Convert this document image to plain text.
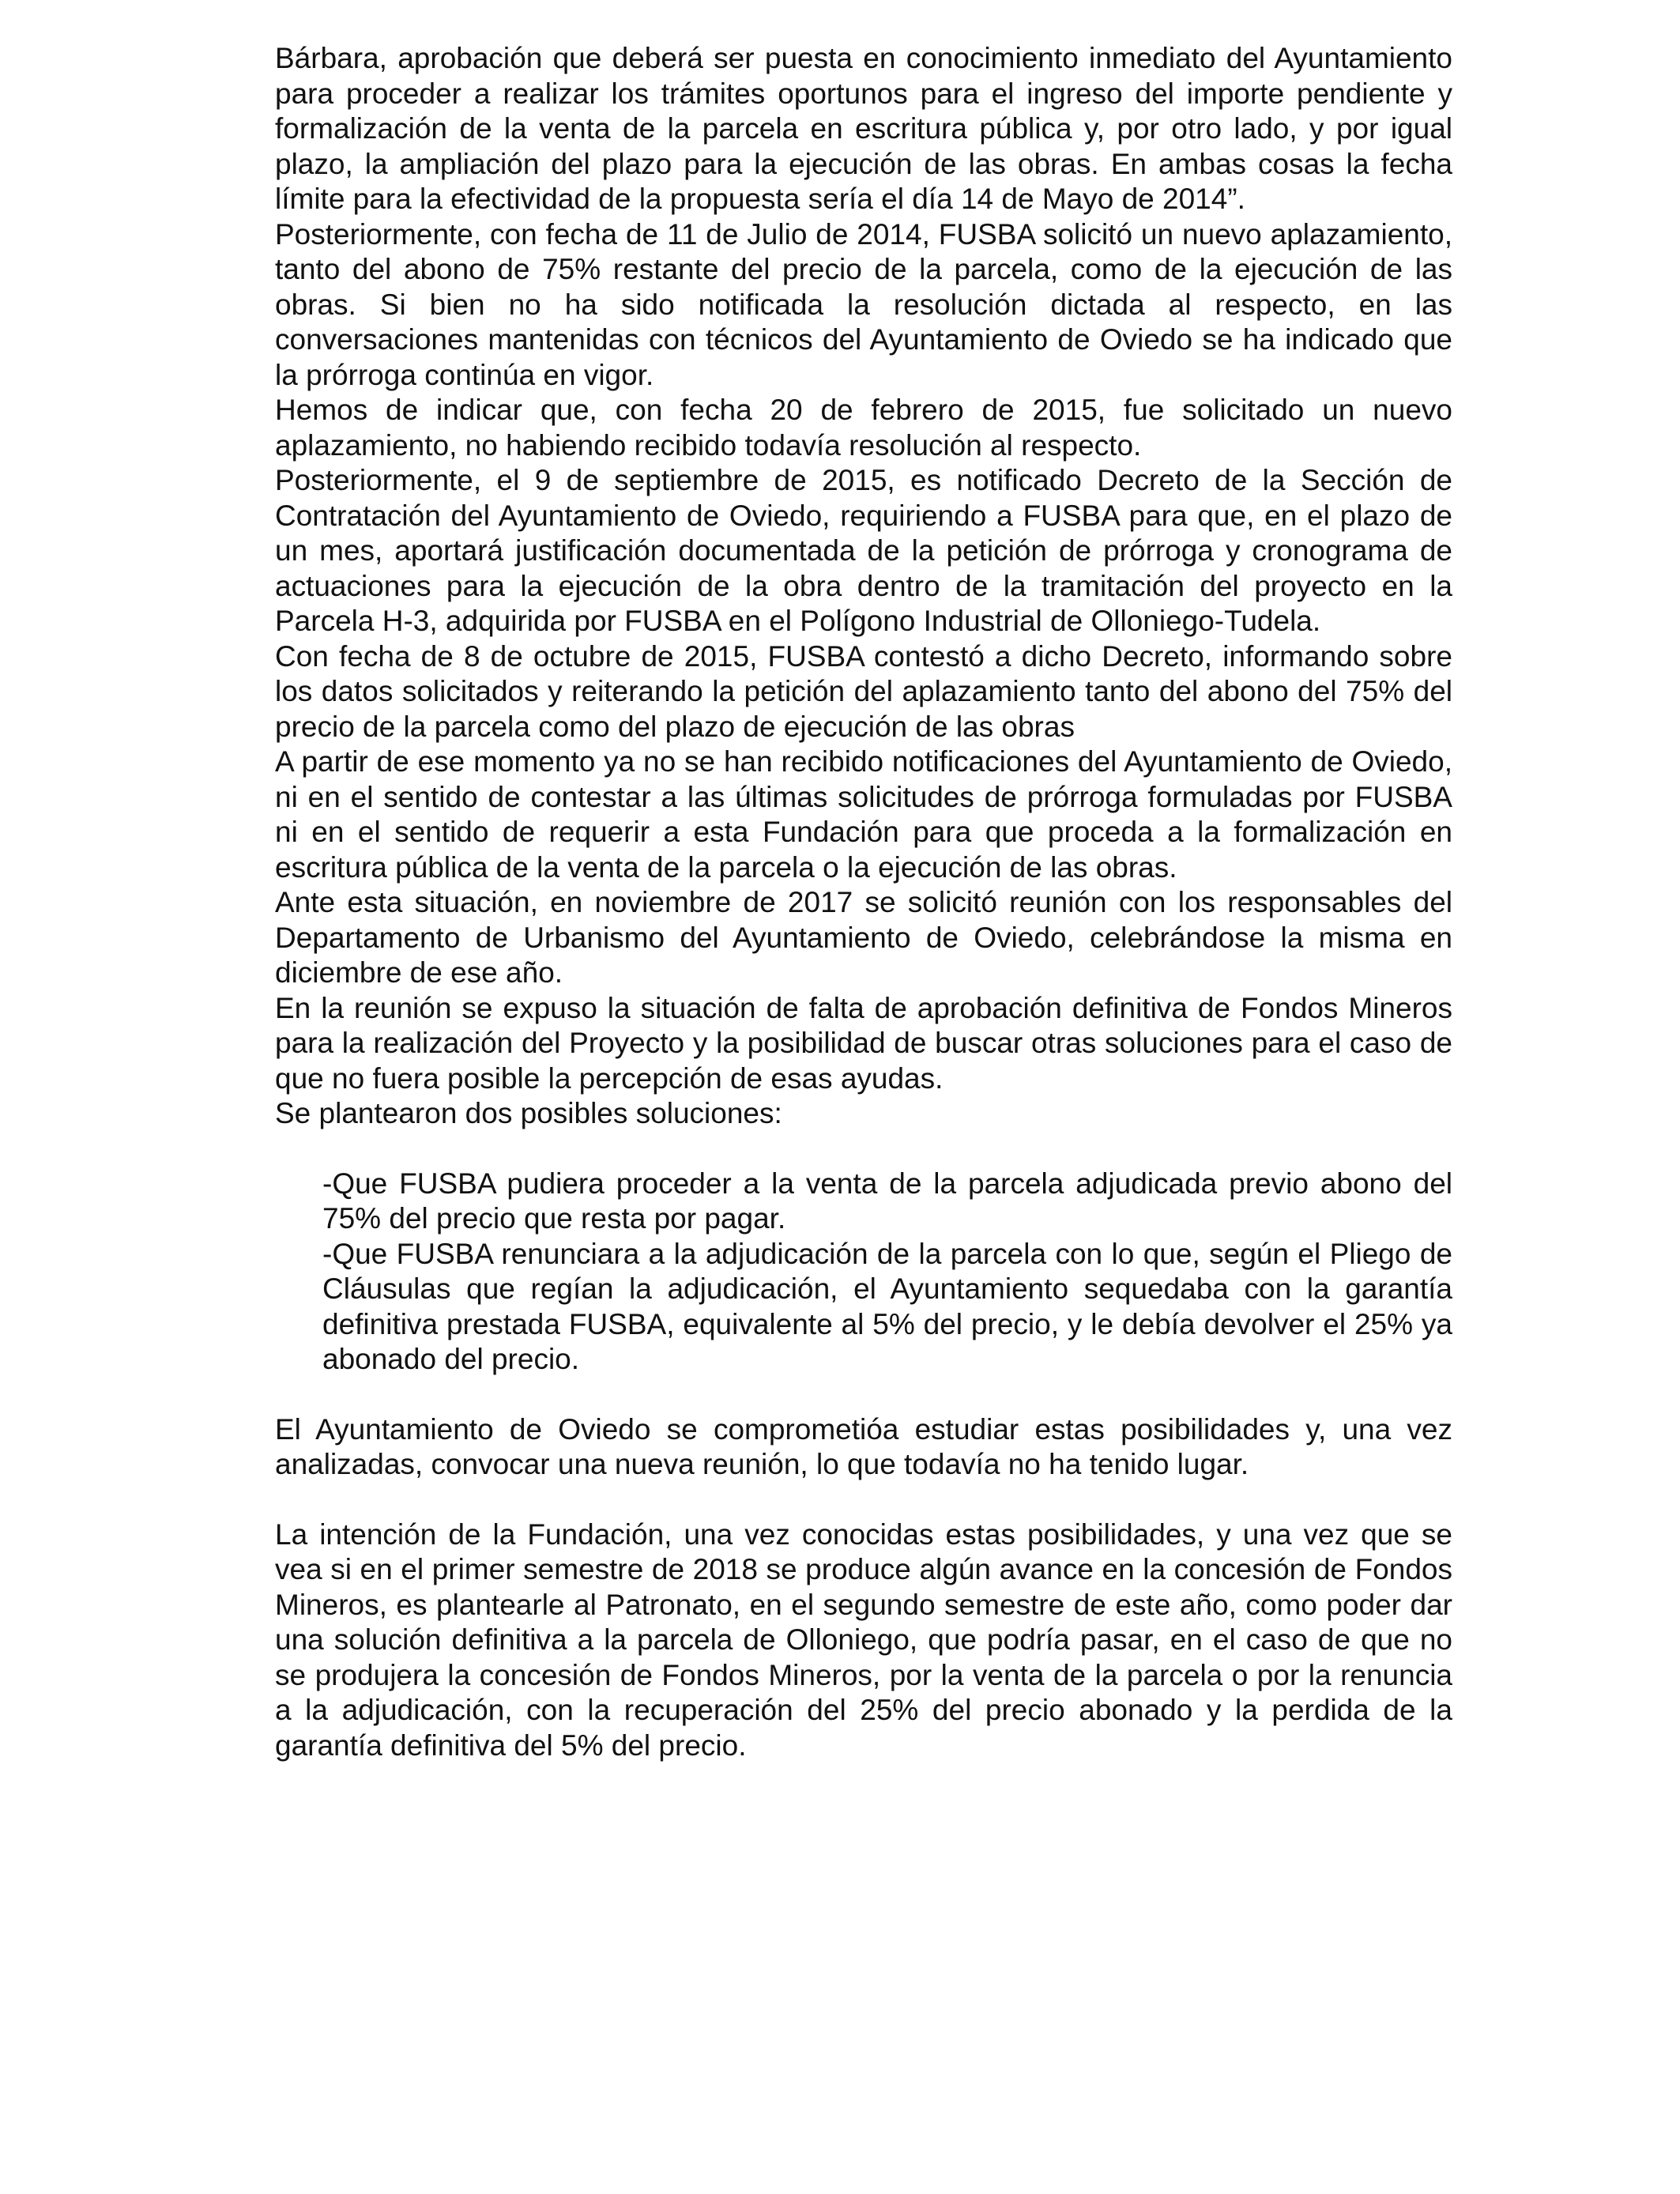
Bárbara, aprobación que deberá ser puesta en conocimiento inmediato del Ayuntamiento para proceder a realizar los trámites oportunos para el ingreso del importe pendiente y formalización de la venta de la parcela en escritura pública y, por otro lado, y por igual plazo, la ampliación del plazo para la ejecución de las obras. En ambas cosas la fecha límite para la efectividad de la propuesta sería el día 14 de Mayo de 2014”.

Posteriormente, con fecha de 11 de Julio de 2014, FUSBA solicitó un nuevo aplazamiento, tanto del abono de 75% restante del precio de la parcela, como de la ejecución de las obras. Si bien no ha sido notificada la resolución dictada al respecto, en las conversaciones mantenidas con técnicos del Ayuntamiento de Oviedo se ha indicado que la prórroga continúa en vigor.

Hemos de indicar que, con fecha 20 de febrero de 2015, fue solicitado un nuevo aplazamiento, no habiendo recibido todavía resolución al respecto.

Posteriormente, el 9 de septiembre de 2015, es notificado Decreto de la Sección de Contratación del Ayuntamiento de Oviedo, requiriendo a FUSBA para que, en el plazo de un mes, aportará justificación documentada de la petición de prórroga y cronograma de actuaciones para la ejecución de la obra dentro de la tramitación del proyecto en la Parcela H-3, adquirida por FUSBA en el Polígono Industrial de Olloniego-Tudela.

Con fecha de 8 de octubre de 2015, FUSBA contestó a dicho Decreto, informando sobre los datos solicitados y reiterando la petición del aplazamiento tanto del abono del 75% del precio de la parcela como del plazo de ejecución de las obras

A partir de ese momento ya no se han recibido notificaciones del Ayuntamiento de Oviedo, ni en el sentido de contestar a las últimas solicitudes de prórroga formuladas por FUSBA ni en el sentido de requerir a esta Fundación para que proceda a la formalización en escritura pública de la venta de la parcela o la ejecución de las obras.

Ante esta situación, en noviembre de 2017 se solicitó reunión con los responsables del Departamento de Urbanismo del Ayuntamiento de Oviedo, celebrándose la misma en diciembre de ese año.

En la reunión se expuso la situación de falta de aprobación definitiva de Fondos Mineros para la realización del Proyecto y la posibilidad de buscar otras soluciones para el caso de que no fuera posible la percepción de esas ayudas.

Se plantearon dos posibles soluciones:

-Que FUSBA pudiera proceder a la venta de la parcela adjudicada previo abono del 75% del precio que resta por pagar.

-Que FUSBA renunciara a la adjudicación de la parcela con lo que, según el Pliego de Cláusulas que regían la adjudicación, el Ayuntamiento sequedaba con la garantía definitiva prestada FUSBA, equivalente al 5% del precio, y le debía devolver el 25% ya abonado del precio.

El Ayuntamiento de Oviedo se comprometióa estudiar estas posibilidades y, una vez analizadas, convocar una nueva reunión, lo que todavía no ha tenido lugar.

La intención de la Fundación, una vez conocidas estas posibilidades, y una vez que se vea si en el primer semestre de 2018 se produce algún avance en la concesión de Fondos Mineros, es plantearle al Patronato, en el segundo semestre de este año, como poder dar una solución definitiva a la parcela de Olloniego, que podría pasar, en el caso de que no se produjera la concesión de Fondos Mineros, por la venta de la parcela o por la renuncia a la adjudicación, con la recuperación del 25% del precio abonado y la perdida de la garantía definitiva del 5% del precio.
